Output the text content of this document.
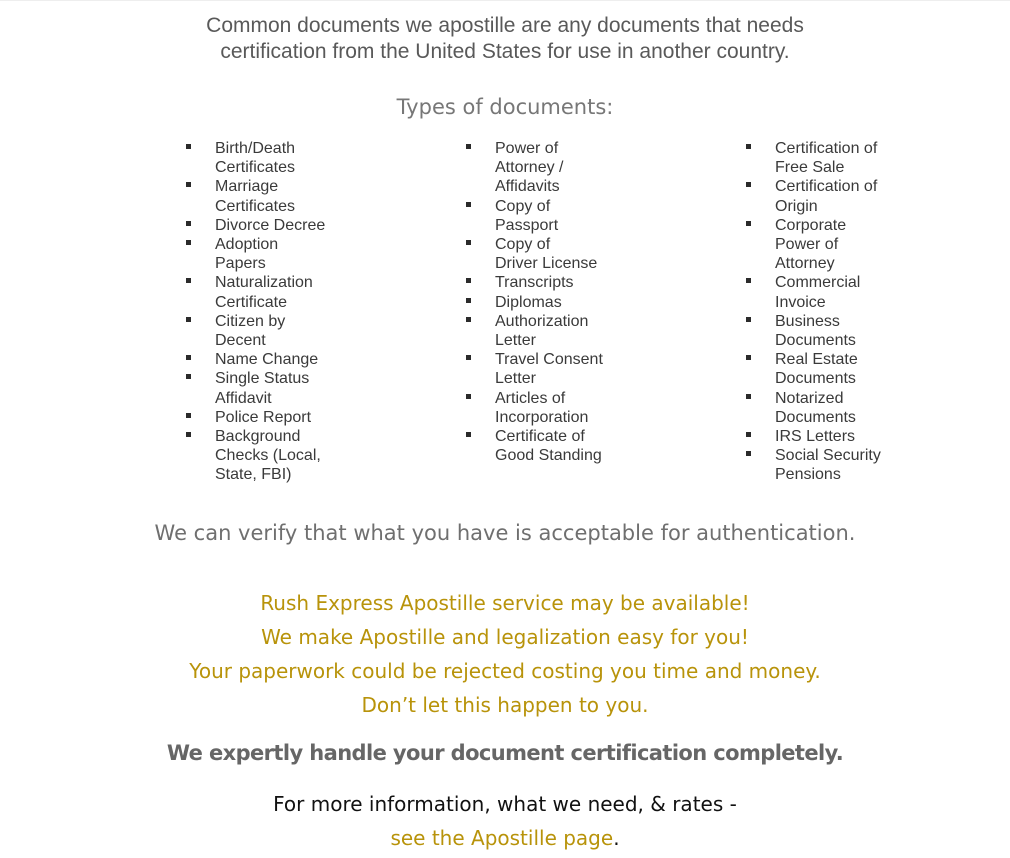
Common documents we apostille are any documents that needs
certification from the United States for use in another country.
Types of documents:
Birth/Death
Certificates
Marriage
Certificates
Divorce Decree
Adoption
Papers
Naturalization
Certificate
Citizen by
Decent
Name Change
Single Status
Affidavit
Police Report
Background
Checks (Local,
State, FBI)
Power of
Attorney /
Affidavits
Copy of
Passport
Copy of
Driver License
Transcripts
Diplomas
Authorization
Letter
Travel Consent
Letter
Articles of
Incorporation
Certificate of
Good Standing
Certification of
Free Sale
Certification of
Origin
Corporate
Power of
Attorney
Commercial
Invoice
Business
Documents
Real Estate
Documents
Notarized
Documents
IRS Letters
Social Security
Pensions
We can verify that what you have is acceptable for authentication.
Rush Express Apostille service may be available!
We make Apostille and legalization easy for you!
Your paperwork could be rejected costing you time and money.
Don’t let this happen to you.
We expertly handle your document certification completely.
For more information, what we need, & rates -
see the Apostille page.
